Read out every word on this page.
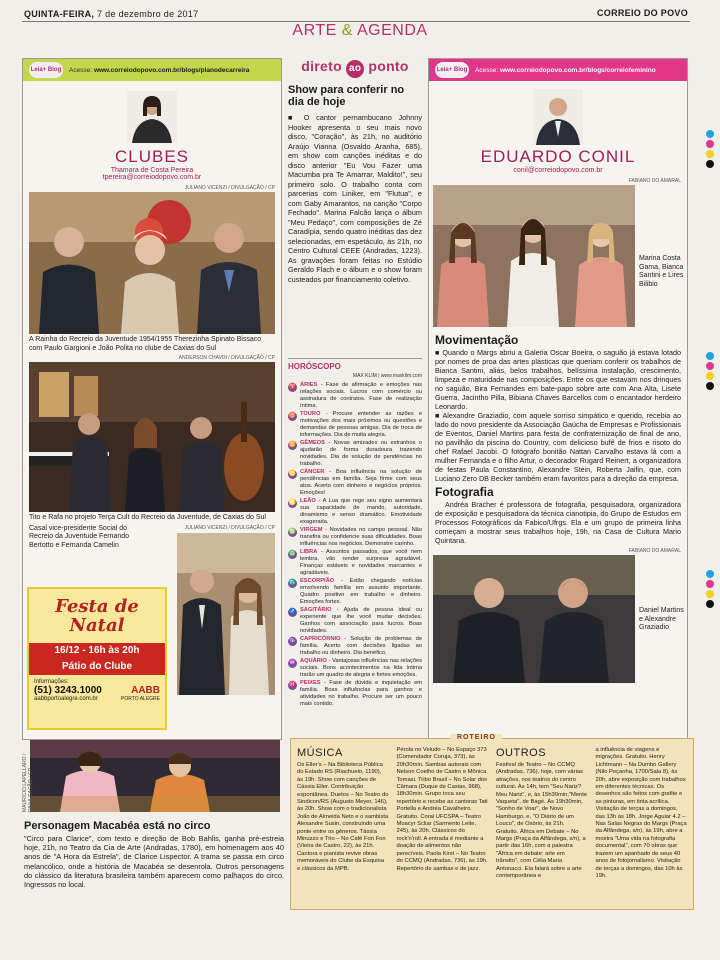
QUINTA-FEIRA, 7 de dezembro de 2017	CORREIO DO POVO
ARTE & AGENDA
Leia+ Blog Acesse: www.correiodopovo.com.br/blogs/planodecarreira
CLUBES
Thamara de Costa Pereira
tpereira@correiodopovo.com.br
JULIANO VICENZI / DIVULGAÇÃO / CP
A Rainha do Recreio da Juventude 1954/1955 Therezinha Spinato Bissaco com Paulo Gargioni e João Polita no clube de Caxias do Sul
ANDERSON CHAVDI / DIVULGAÇÃO / CP
Tito e Rafa no projeto Terça Cult do Recreio da Juventude, de Caxias do Sul
Casal vice-presidente Social do Recreio da Juventude Fernando Bertotto e Fernanda Camelin
JULIANO VICENZI / DIVULGAÇÃO / CP
Festa de
Natal
16/12 - 16h às 20h
Pátio do Clube
Informações:
(51) 3243.1000
aabbportoalegre.com.br
AABB
PORTO ALEGRE
direto ao ponto
Show para conferir no dia de hoje
■ O cantor pernambucano Johnny Hooker apresenta o seu mais novo disco, "Coração", às 21h, no auditório Araújo Vianna (Osvaldo Aranha, 685), em show com canções inéditas e do disco anterior "Eu Vou Fazer uma Macumba pra Te Amarrar, Maldito!", seu primeiro solo. O trabalho conta com parcerias com Liniker, em "Flutua", e com Gaby Amarantos, na canção "Corpo Fechado". Marina Falcão lança o álbum "Meu Pedaço", com composições de Zé Caradípia, sendo quatro inéditas das dez selecionadas, em espetáculo, às 21h, no Centro Cultural CEEE (Andradas, 1223). As gravações foram feitas no Estúdio Geraldo Flach e o álbum e o show foram custeados por financiamento coletivo.
HORÓSCOPO
MAX KLIM | www.maxklim.com
♈ ÁRIES - Fase de afirmação e emoções nas relações sociais. Lucros com comércio ou assinatura de contratos. Fase de realização íntima.
♉ TOURO - Procure entender as razões e motivações dos mais próximos ou questões e demandas de pessoas amigas. Dia de troca de informações. Dia de muita alegria.
♊ GÊMEOS - Novas amizades ou estranhos o ajudarão de forma duradoura trazendo novidades. Dia de solução de pendências no trabalho.
♋ CÂNCER - Boa influência na solução de pendências em família. Seja firme com seus atos. Acerto com dinheiro e negócios próprios. Emoções!
♌ LEÃO - A Lua que rege seu signo aumentará sua capacidade de mando, autoridade, dinamismo e senso dramático. Emotividade exagerada.
♍ VIRGEM - Novidades no campo pessoal. Não transfira ou confidencie suas dificuldades. Boas influências nos negócios. Demonstre carinho.
♎ LIBRA - Assuntos passados, que você nem lembra, vão render surpresa agradável. Finanças estáveis e novidades marcantes e agradáveis.
♏ ESCORPIÃO - Estão chegando notícias envolvendo família em assunto importante. Quadro positivo em trabalho e dinheiro. Emoções fortes.
♐ SAGITÁRIO - Ajuda de pessoa ideal ou experiente que lhe você mudar decisões. Ganhos com associação para lucros. Boas novidades.
♑ CAPRICÓRNIO - Solução de problemas de família. Acerto com decisões ligadas ao trabalho ou dinheiro. Dia benéfico.
♒ AQUÁRIO - Vantajosas influências nas relações sociais. Bons acontecimentos na lida íntima trarão um quadro de alegria e fortes emoções.
♓ PEIXES - Fase de dúvida e inquietação em família. Boas influências para ganhos e atividades no trabalho. Procure ser um pouco mais contido.
Leia+ Blog Acesse: www.correiodopovo.com.br/blogs/correiofeminino
EDUARDO CONIL
conil@correiodopovo.com.br
FABIANO DO AMARAL
Marina Costa Gama, Bianca Santini e Lires Bilibio
Movimentação
■ Quando o Margs abriu a Galeria Oscar Boeira, o saguão já estava lotado por nomes de proa das artes plásticas que queriam conferir os trabalhos de Bianca Santini, aliás, belos trabalhos, belíssima instalação, crescimento, limpeza e maturidade nas composições. Entre os que estavam nos drinques no saguão, Bira Fernandes em bate-papo sobre arte com Ana Alta, Lisete Guerra, Jacintho Pilla, Bibiana Chaves Barcellos com o encantador herdeiro Leonardo.
■ Alexandre Graziadio, com aquele sorriso simpático e querido, recebia ao lado do novo presidente da Associação Gaúcha de Empresas e Profissionais de Eventos, Daniel Martins para festa de confraternização de final de ano, no pavilhão da piscina do Country, com delicioso bufê de frios e risoto do chef Rafael Jacobi. O fotógrafo bonitão Nattan Carvalho estava lá com a mulher Fernanda e o filho Artur, o decorador Rugard Reinert, a organizadora de festas Paula Constantino, Alexandre Stein, Roberta Jaifin, que, com Luciano Zero DB Becker também eram favoritos para a direção da empresa.
Fotografia
Andréa Bracher é professora de fotografia, pesquisadora, organizadora de exposição e pesquisadora da técnica cianotipia, do Grupo de Estudos em Processos Fotográficos da Fabico/Ufrgs. Ela e um grupo de primeira linha começam a mostrar seus trabalhos hoje, 19h, na Casa de Cultura Mario Quintana.
FABIANO DO AMARAL
Daniel Martins e Alexandre Graziadio
MAURÍCIO LAPELLARO / DIVULGAÇÃO / CP
Personagem Macabéa está no circo
"Circo para Clarice", com texto e direção de Bob Bahlis, ganha pré-estreia hoje, 21h, no Teatro da Cia de Arte (Andradas, 1780), em homenagem aos 40 anos de "A Hora da Estrela", de Clarice Lispector. A trama se passa em circo melancólico, onde a história de Macabéa se desenrola. Outros personagens do clássico da literatura brasileira também aparecem como palhaços do circo. Ingressos no local.
ROTEIRO
MÚSICA
Os Eller's – Na Biblioteca Pública do Estado RS (Riachuelo, 1190), às 19h. Show com canções de Cássia Eller. Contribuição espontânea. Duetos – No Teatro do Sindicon/RS (Augusto Meyer, 146), às 20h. Show com o tradicionalista João de Almeida Neto e o sambista Alexandre Susin, construindo uma ponte entre os gêneros. Tássia Minuzzo e Trio – No Café Fon Fon (Vieira de Castro, 22), às 21h. Cantora e pianista revive obras memoráveis do Clube da Esquina e clássicos da MPB.
Pérola no Veludo – No Espaço 373 (Comendador Coruja, 373), às 20h30min. Sambas autorais com Nelson Coelho de Castro e Mônica Tomasi. Tribo Brasil – No Solar dos Câmara (Duque de Caxias, 968), 18h30min. Grupo toca seu repertório e recebe as cantoras Tati Portella e Andréa Cavalheiro. Gratuito. Coral UFCSPA – Teatro Moacyr Scliar (Sarmento Leite, 245), às 20h. Clássicos do rock'n'roll. A entrada é mediante a doação de alimentos não perecíveis. Paola Kirst – No Teatro do CCMQ (Andradas, 736), às 19h. Repertório de sambas e de jazz.
OUTROS
Festival de Teatro – No CCMQ (Andradas, 736), hoje, com várias atrações, nos teatros do centro cultural. Às 14h, tem "Seu Nariz? Meu Nariz", e, às 15h30min,"Mente Vaqueta", de Bagé. Às 19h30min, "Sonho de Voar", de Novo Hamburgo, e, "O Diário de um Louco", de Osório, às 21h. Gratuito. África em Debate – No Margs (Praça da Alfândega, s/n), a partir das 16h, com a palestra "África em debate: arte em trânsito", com Célia Maria Antonacci. Ela falará sobre a arte contemporânea e
a influência de viagens e migrações. Gratuito. Henry Lichtmann – Na Dumbo Gallery (Nilo Peçanha, 1700/Sala 8), às 20h, abre exposição com trabalhos em diferentes técnicas. Os desenhos são feitos com grafite e as pinturas, em tinta acrílica. Visitação de terças a domingos, das 13h às 18h. Jorge Aguiar 4.2 – Nas Salas Negras do Margs (Praça da Alfândega, s/n), às 19h, abre a mostra "Uma vida na fotografia documental", com 70 obras que trazem um apanhado de seus 40 anos de fotojornalismo. Visitação de terças a domingos, das 10h às 19h.
